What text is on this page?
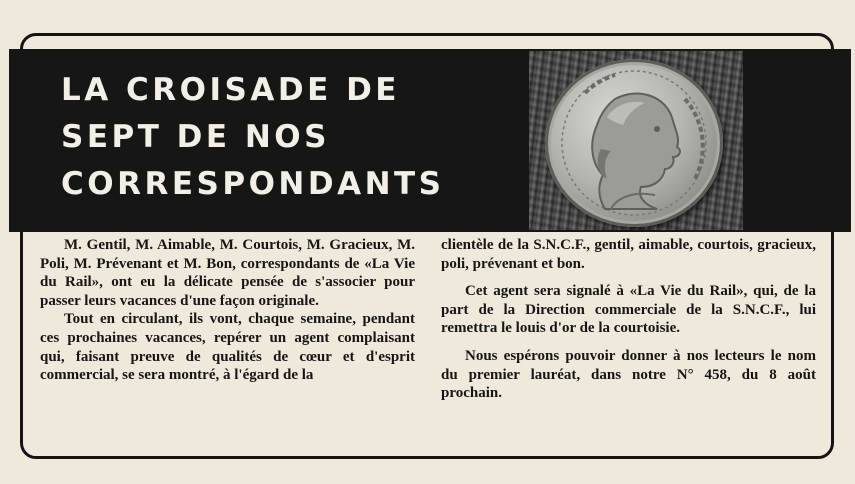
LA CROISADE DE
SEPT DE NOS
CORRESPONDANTS

M. Gentil, M. Aimable, M. Courtois, M. Gracieux, M. Poli, M. Prévenant et M. Bon, correspondants de «La Vie du Rail», ont eu la délicate pensée de s'associer pour passer leurs vacances d'une façon originale.

Tout en circulant, ils vont, chaque semaine, pendant ces prochaines vacances, repérer un agent complaisant qui, faisant preuve de qualités de cœur et d'esprit commercial, se sera montré, à l'égard de la

clientèle de la S.N.C.F., gentil, aimable, courtois, gracieux, poli, prévenant et bon.

Cet agent sera signalé à «La Vie du Rail», qui, de la part de la Direction commerciale de la S.N.C.F., lui remettra le louis d'or de la courtoisie.

Nous espérons pouvoir donner à nos lecteurs le nom du premier lauréat, dans notre N° 458, du 8 août prochain.
